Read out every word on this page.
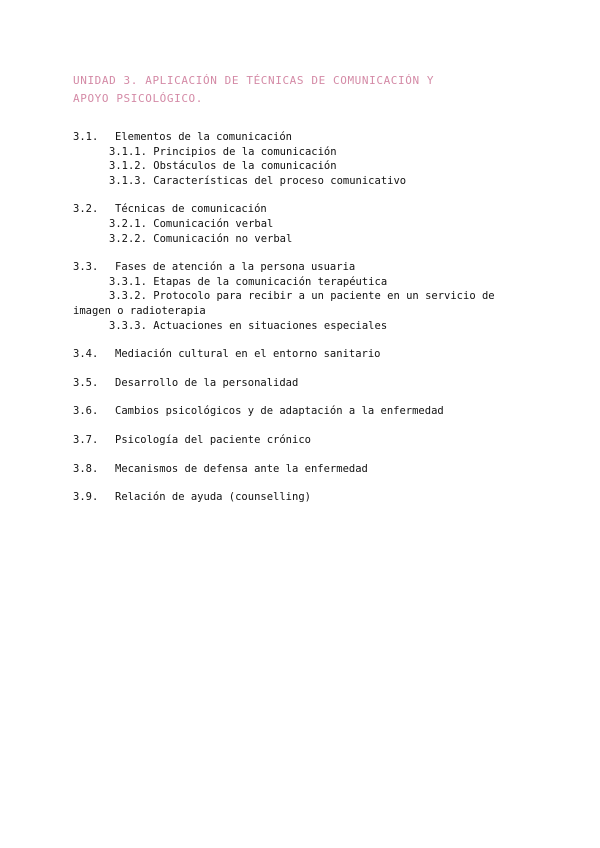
UNIDAD 3. APLICACIÓN DE TÉCNICAS DE COMUNICACIÓN Y
APOYO PSICOLÓGICO.
3.1. Elementos de la comunicación
3.1.1. Principios de la comunicación
3.1.2. Obstáculos de la comunicación
3.1.3. Características del proceso comunicativo
3.2. Técnicas de comunicación
3.2.1. Comunicación verbal
3.2.2. Comunicación no verbal
3.3. Fases de atención a la persona usuaria
3.3.1. Etapas de la comunicación terapéutica
3.3.2. Protocolo para recibir a un paciente en un servicio de
imagen o radioterapia
3.3.3. Actuaciones en situaciones especiales
3.4. Mediación cultural en el entorno sanitario
3.5. Desarrollo de la personalidad
3.6. Cambios psicológicos y de adaptación a la enfermedad
3.7. Psicología del paciente crónico
3.8. Mecanismos de defensa ante la enfermedad
3.9. Relación de ayuda (counselling)
